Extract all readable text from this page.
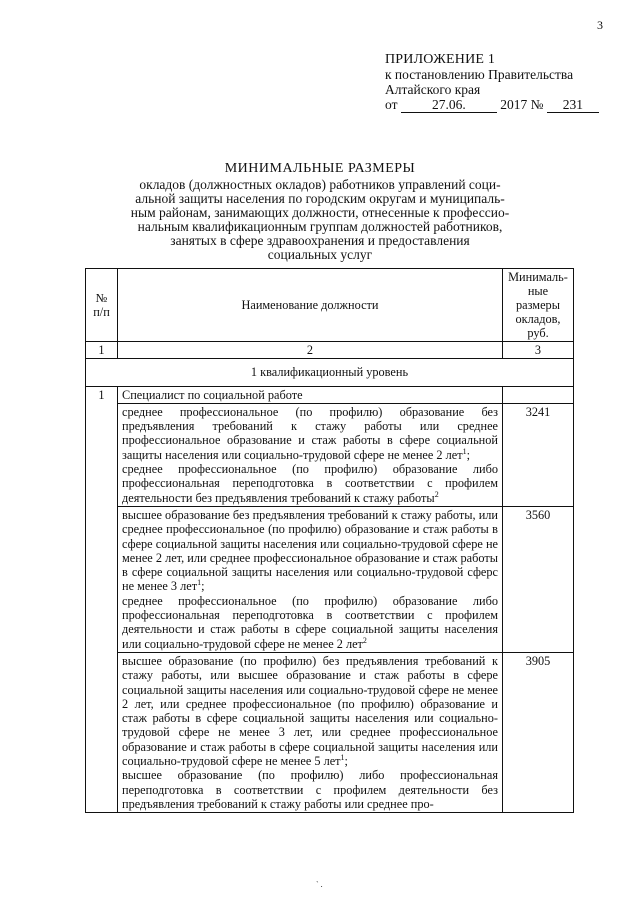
3
ПРИЛОЖЕНИЕ 1
к постановлению Правительства
Алтайского края
от	27.06.	2017 № 231
МИНИМАЛЬНЫЕ РАЗМЕРЫ
окладов (должностных окладов) работников управлений соци-
альной защиты населения по городским округам и муниципаль-
ным районам, занимающих должности, отнесенные к профессио-
нальным квалификационным группам должностей работников,
занятых в сфере здравоохранения и предоставления
социальных услуг
№
п/п	Наименование должности	Минималь-
ные размеры
окладов, руб.
1	2	3
1 квалификационный уровень		
1	Специалист по социальной работе	

	среднее профессиональное (по профилю) образование без предъявления требований к стажу работы или среднее профессиональное образование и стаж работы в сфере социальной защиты населения или социально-трудовой сфере не менее 2 лет$^1$;
среднее профессиональное (по профилю) образование либо профессиональная переподготовка в соответствии с профилем деятельности без предъявления требований к стажу работы$^2$	3241

	высшее образование без предъявления требований к стажу работы, или среднее профессиональное (по профилю) образование и стаж работы в сфере социальной защиты населения или социально-трудовой сфере не менее 2 лет, или среднее профессиональное образование и стаж работы в сфере социальной защиты населения или социально-трудовой сферс не менее 3 лет$^1$;
среднее профессиональное (по профилю) образование либо профессиональная переподготовка в соответствии с профилем деятельности и стаж работы в сфере социальной защиты населения или социально-трудовой сфере не менее 2 лет$^2$	3560

	высшее образование (по профилю) без предъявления требований к стажу работы, или высшее образование и стаж работы в сфере социальной защиты населения или социально-трудовой сфере не менее 2 лет, или среднее профессиональное (по профилю) образование и стаж работы в сфере социальной защиты населения или социально-трудовой сфере не менее 3 лет, или среднее профессиональное образование и стаж работы в сфере социальной защиты населения или социально-трудовой сфере не менее 5 лет$^1$;
высшее образование (по профилю) либо профессиональная переподготовка в соответствии с профилем деятельности без предъявления требований к стажу работы или среднее про-	3905
` .
